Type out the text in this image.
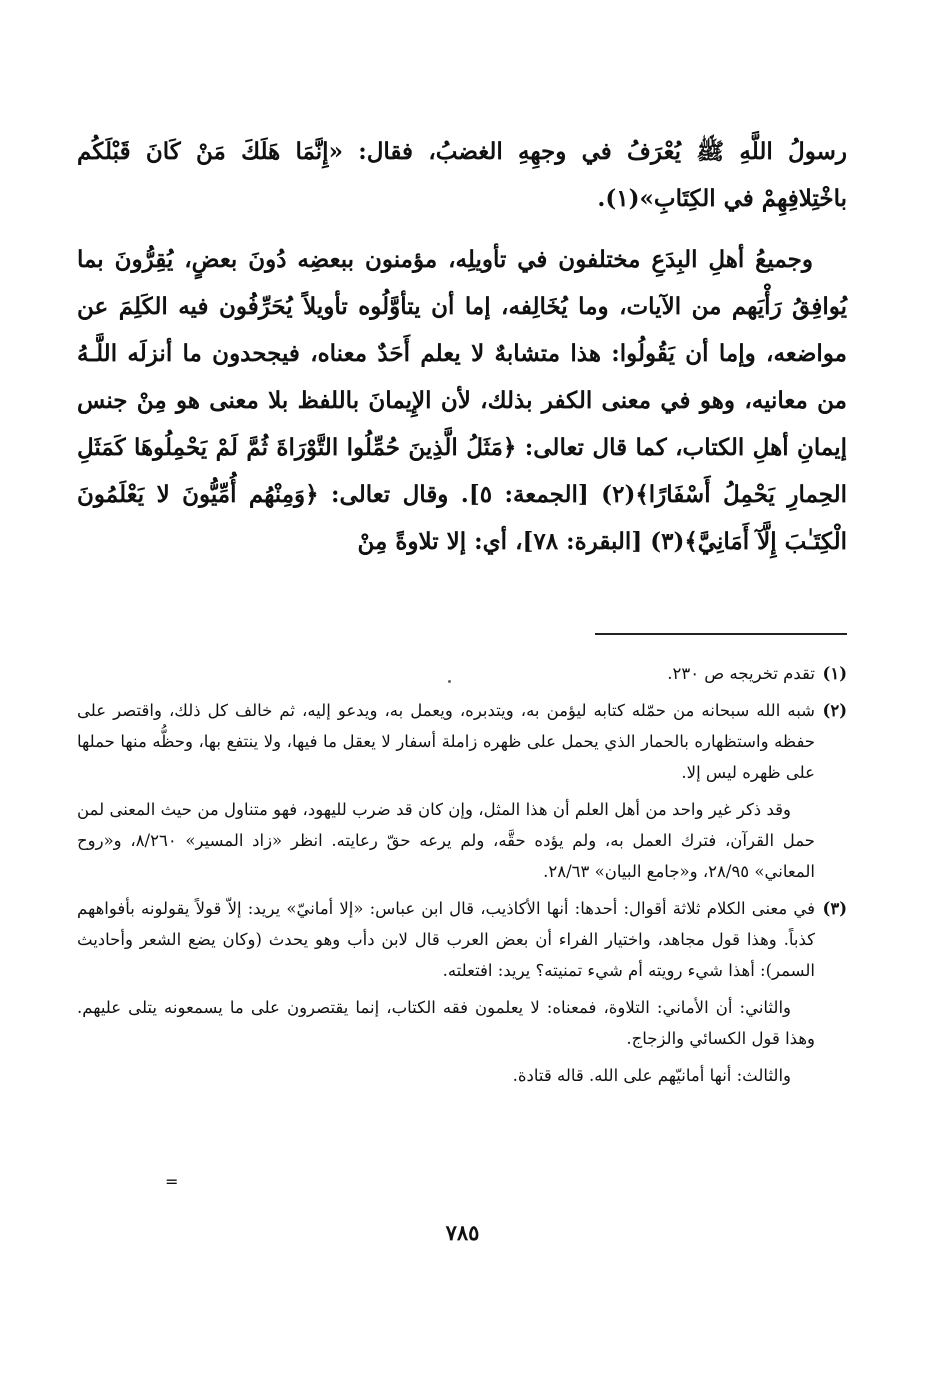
رسولُ اللَّهِ ﷺ يُعْرَفُ في وجهِهِ الغضبُ، فقال: «إِنَّمَا هَلَكَ مَنْ كَانَ قَبْلَكُم باخْتِلافِهِمْ في الكِتَابِ»(١).

وجميعُ أهلِ البِدَعِ مختلفون في تأويلِه، مؤمنون ببعضِه دُونَ بعضٍ، يُقِرُّونَ بما يُوافِقُ رَأْيَهم من الآيات، وما يُخَالِفه، إما أن يتأوَّلُوه تأويلاً يُحَرِّفُون فيه الكَلِمَ عن مواضعه، وإما أن يَقُولُوا: هذا متشابهٌ لا يعلم أَحَدٌ معناه، فيجحدون ما أنزلَه اللَّـهُ من معانيه، وهو في معنى الكفر بذلك، لأن الإِيمانَ باللفظ بلا معنى هو مِنْ جنس إيمانِ أهلِ الكتاب، كما قال تعالى: ﴿مَثَلُ الَّذِينَ حُمِّلُوا التَّوْرَاةَ ثُمَّ لَمْ يَحْمِلُوهَا كَمَثَلِ الحِمارِ يَحْمِلُ أَسْفَارًا﴾(٢) [الجمعة: ٥]. وقال تعالى: ﴿وَمِنْهُم أُمِّيُّونَ لا يَعْلَمُونَ الْكِتَـٰبَ إِلَّآ أَمَانِيَّ﴾(٣) [البقرة: ٧٨]، أي: إلا تلاوةً مِنْ

(١)
تقدم تخريجه ص ٢٣٠.
(٢)
شبه الله سبحانه من حمّله كتابه ليؤمن به، ويتدبره، ويعمل به، ويدعو إليه، ثم خالف كل ذلك، واقتصر على حفظه واستظهاره بالحمار الذي يحمل على ظهره زاملة أسفار لا يعقل ما فيها، ولا ينتفع بها، وحظُّه منها حملها على ظهره ليس إلا.
وقد ذكر غير واحد من أهل العلم أن هذا المثل، وإن كان قد ضرب لليهود، فهو متناول من حيث المعنى لمن حمل القرآن، فترك العمل به، ولم يؤده حقَّه، ولم يرعه حقّ رعايته. انظر «زاد المسير» ٨/٢٦٠، و«روح المعاني» ٢٨/٩٥، و«جامع البيان» ٢٨/٦٣.
(٣)
في معنى الكلام ثلاثة أقوال: أحدها: أنها الأكاذيب، قال ابن عباس: «إلا أمانيّ» يريد: إلاّ قولاً يقولونه بأفواههم كذباً. وهذا قول مجاهد، واختيار الفراء أن بعض العرب قال لابن دأب وهو يحدث (وكان يضع الشعر وأحاديث السمر): أهذا شيء رويته أم شيء تمنيته؟ يريد: افتعلته.
والثاني: أن الأماني: التلاوة، فمعناه: لا يعلمون فقه الكتاب، إنما يقتصرون على ما يسمعونه يتلى عليهم. وهذا قول الكسائي والزجاج.
والثالث: أنها أمانيّهم على الله. قاله قتادة.
=
٧٨٥
